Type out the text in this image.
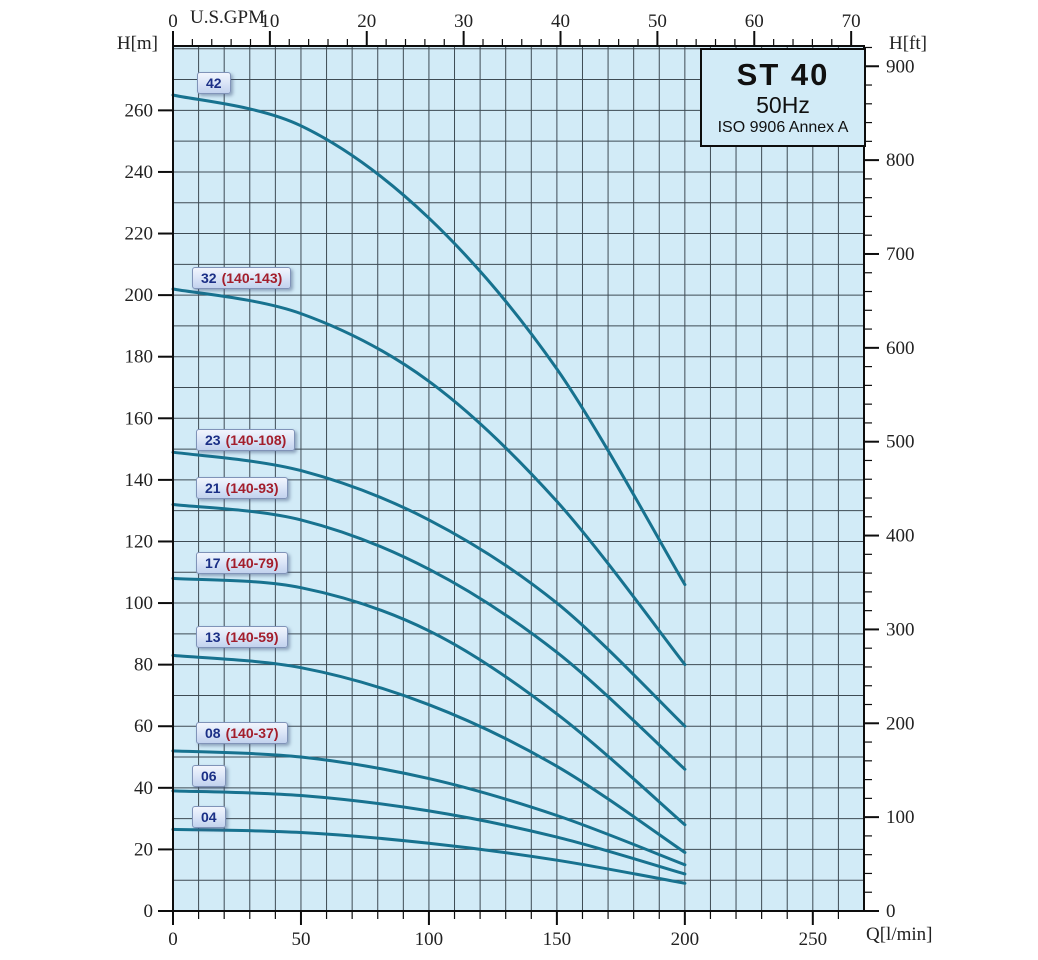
0	50	100	150	200	250
0	10	20	30	40	50	60	70
0
20
40
60
80
100
120
140
160
180
200
220
240
260
0
100
200
300
400
500
600
700
800
900
H[m]	H[ft]
U.S.GPM
Q[l/min]
ST 40
50Hz
ISO 9906 Annex A
42
32 (140-143)
23 (140-108)
21 (140-93)
17 (140-79)
13 (140-59)
08 (140-37)
06
04
